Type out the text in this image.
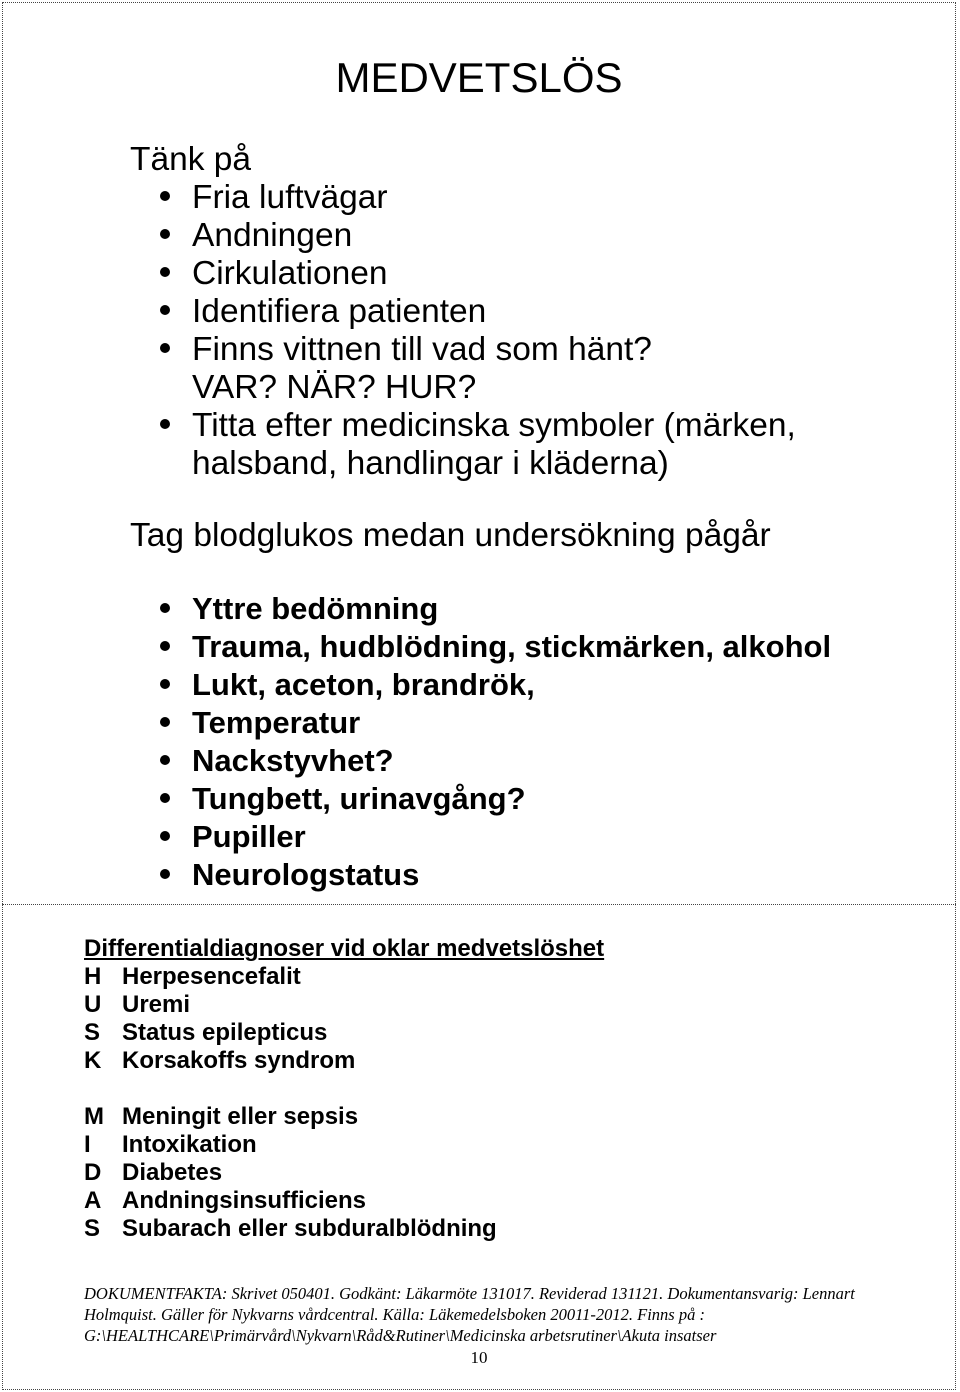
MEDVETSLÖS
Tänk på
Fria luftvägar
Andningen
Cirkulationen
Identifiera patienten
Finns vittnen till vad som hänt?
VAR? NÄR? HUR?
Titta efter medicinska symboler (märken,
halsband, handlingar i kläderna)
Tag blodglukos medan undersökning pågår
Yttre bedömning
Trauma, hudblödning, stickmärken, alkohol
Lukt, aceton, brandrök,
Temperatur
Nackstyvhet?
Tungbett, urinavgång?
Pupiller
Neurologstatus
Differentialdiagnoser vid oklar medvetslöshet
H Herpesencefalit
U Uremi
S Status epilepticus
K Korsakoffs syndrom
M Meningit eller sepsis
I	Intoxikation
D Diabetes
A Andningsinsufficiens
S Subarach eller subduralblödning
DOKUMENTFAKTA: Skrivet 050401. Godkänt: Läkarmöte 131017. Reviderad 131121. Dokumentansvarig: Lennart
Holmquist. Gäller för Nykvarns vårdcentral. Källa: Läkemedelsboken 20011-2012. Finns på :
G:\HEALTHCARE\Primärvård\Nykvarn\Råd&Rutiner\Medicinska arbetsrutiner\Akuta insatser
10
